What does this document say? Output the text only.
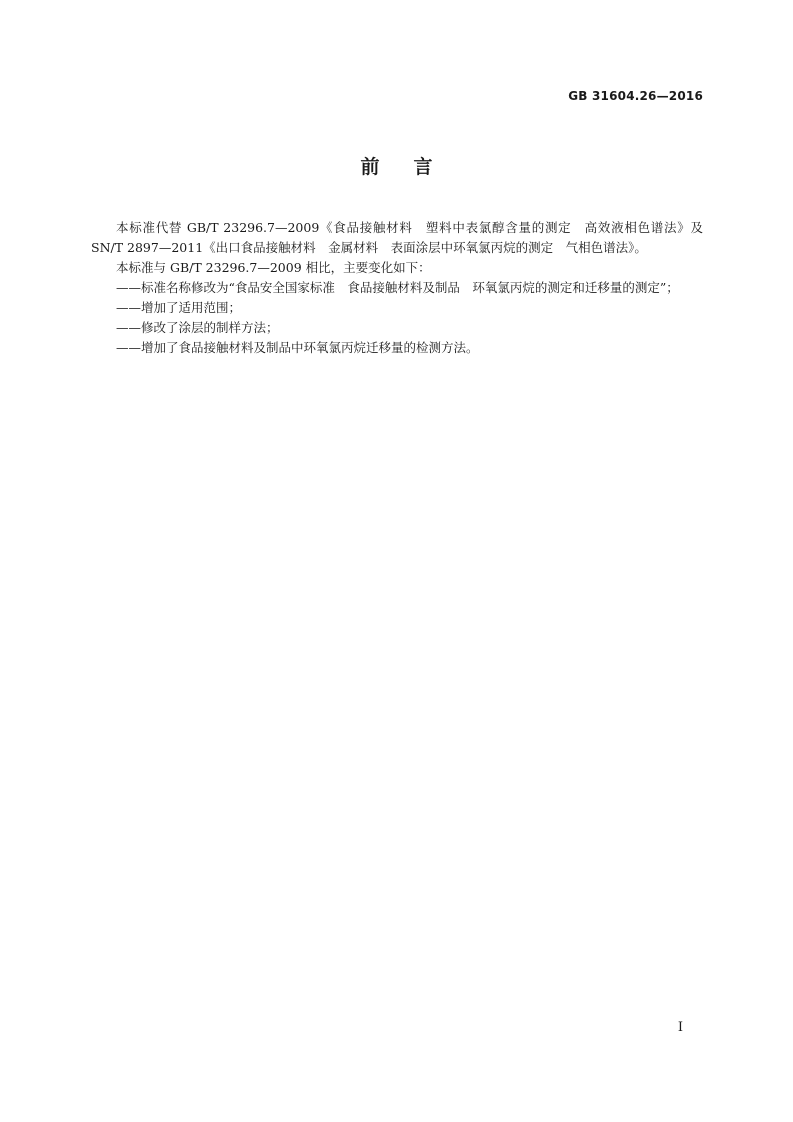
GB 31604.26—2016
前言

本标准代替 GB/T 23296.7—2009《食品接触材料　塑料中表氯醇含量的测定　高效液相色谱法》及 SN/T 2897—2011《出口食品接触材料　金属材料　表面涂层中环氧氯丙烷的测定　气相色谱法》。

本标准与 GB/T 23296.7—2009 相比，主要变化如下：

—— 标准名称修改为“食品安全国家标准　食品接触材料及制品　环氧氯丙烷的测定和迁移量的测定”；
—— 增加了适用范围；
—— 修改了涂层的制样方法；
—— 增加了食品接触材料及制品中环氧氯丙烷迁移量的检测方法。
I
